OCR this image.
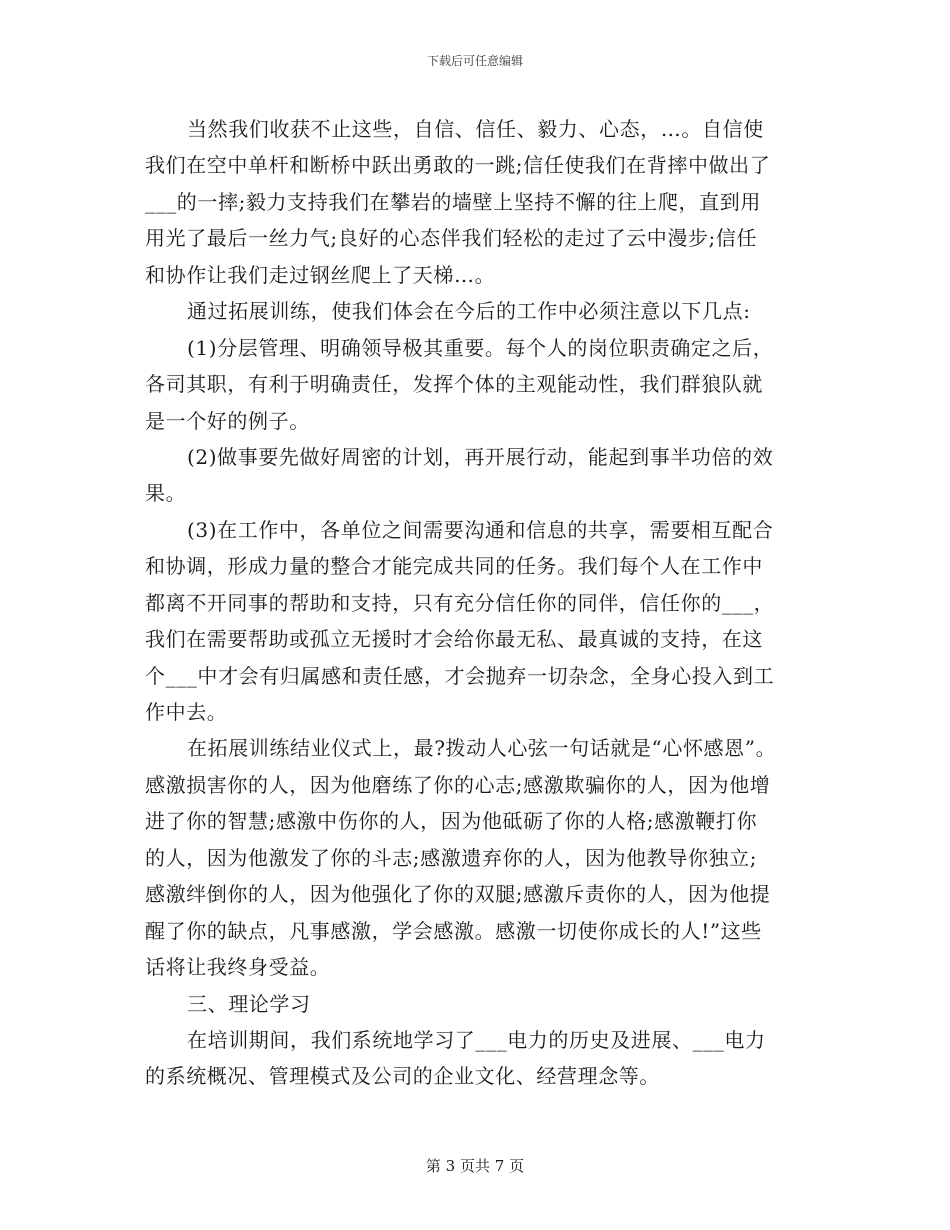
下载后可任意编辑
当然我们收获不止这些，自信、信任、毅力、心态，…。自信使
我们在空中单杆和断桥中跃出勇敢的一跳;信任使我们在背摔中做出了
___的一摔;毅力支持我们在攀岩的墙壁上坚持不懈的往上爬，直到用
用光了最后一丝力气;良好的心态伴我们轻松的走过了云中漫步;信任
和协作让我们走过钢丝爬上了天梯…。
通过拓展训练，使我们体会在今后的工作中必须注意以下几点:
(1)分层管理、明确领导极其重要。每个人的岗位职责确定之后，
各司其职，有利于明确责任，发挥个体的主观能动性，我们群狼队就
是一个好的例子。
(2)做事要先做好周密的计划，再开展行动，能起到事半功倍的效
果。
(3)在工作中，各单位之间需要沟通和信息的共享，需要相互配合
和协调，形成力量的整合才能完成共同的任务。我们每个人在工作中
都离不开同事的帮助和支持，只有充分信任你的同伴，信任你的___，
我们在需要帮助或孤立无援时才会给你最无私、最真诚的支持，在这
个___中才会有归属感和责任感，才会抛弃一切杂念，全身心投入到工
作中去。
在拓展训练结业仪式上，最?拨动人心弦一句话就是“心怀感恩”。
感激损害你的人，因为他磨练了你的心志;感激欺骗你的人，因为他增
进了你的智慧;感激中伤你的人，因为他砥砺了你的人格;感激鞭打你
的人，因为他激发了你的斗志;感激遗弃你的人，因为他教导你独立;
感激绊倒你的人，因为他强化了你的双腿;感激斥责你的人，因为他提
醒了你的缺点，凡事感激，学会感激。感激一切使你成长的人!”这些
话将让我终身受益。
三、理论学习
在培训期间，我们系统地学习了___电力的历史及进展、___电力
的系统概况、管理模式及公司的企业文化、经营理念等。
第 3 页共 7 页
